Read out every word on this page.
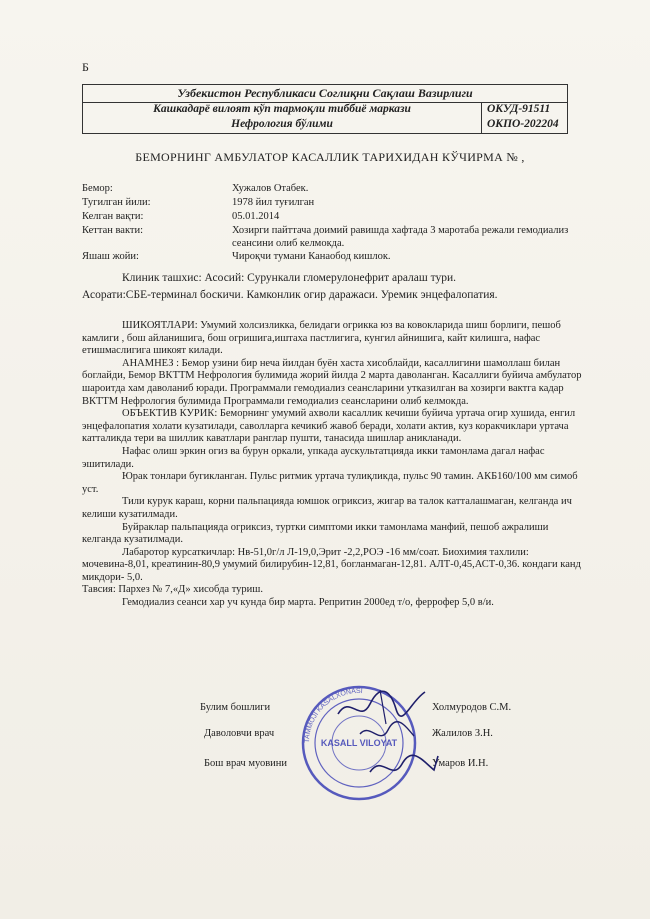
Б
Узбекистон Республикаси Соглиқни Сақлаш Вазирлиги
Кашкадарё вилоят кўп тармоқли тиббиё маркази
Нефрология бўлими
ОКУД-91511
ОКПО-202204
БЕМОРНИНГ АМБУЛАТОР КАСАЛЛИК ТАРИХИДАН КЎЧИРМА № ,
Бемор:	Хужалов Отабек.
Тугилган йили:	1978 йил туғилган
Келган вақти:	05.01.2014
Кеттан вакти:	Хозирги пайттача доимий равишда хафтада 3 маротаба режали гемодиализ сеансини олиб келмокда.
Яшаш жойи:	Чироқчи тумани Канаобод кишлок.
Клиник ташхис: Асосий: Сурункали гломерулонефрит аралаш тури.
Асорати:СБЕ-терминал боскичи. Камконлик огир даражаси. Уремик энцефалопатия.

ШИКОЯТЛАРИ: Умумий холсизликка, белидаги огрикка юз ва ковокларида шиш борлиги, пешоб камлиги , бош айланишига, бош огришига,иштаха пастлигига, кунгил айнишига, кайт килишга, нафас етишмаслигига шикоят килади.

АНАМНЕЗ : Бемор узини бир неча йилдан буён хаста хисоблайди, касаллигини шамоллаш билан боглайди, Бемор ВКТТМ Нефрология булимида жорий йилда 2 марта даволанган. Касаллиги буйича амбулатор шароитда хам даволаниб юради. Программали гемодиализ сеансларини утказилган ва хозирги вактга кадар ВКТТМ Нефрология булимида Программали гемодиализ сеансларини олиб келмокда.

ОБЪЕКТИВ КУРИК: Беморнинг умумий ахволи касаллик кечиши буйича уртача огир хушида, енгил энцефалопатия холати кузатилади, саволларга кечикиб жавоб беради, холати актив, куз коракчиклари уртача катталикда тери ва шиллик каватлари ранглар пушти, танасида шишлар аникланади.

Нафас олиш эркин огиз ва бурун оркали, упкада аускультатцияда икки тамонлама дагал нафас эшитилади.

Юрак тонлари бугикланган. Пульс ритмик уртача тулиқликда, пульс 90 тамин. АКБ160/100 мм симоб уст.

Тили курук караш, корни пальпацияда юмшок огриксиз, жигар ва талок катталашмаган, келганда ич келиши кузатилмади.

Буйраклар пальпацияда огриксиз, туртки симптоми икки тамонлама манфий, пешоб ажралиши келганда кузатилмади.

Лабаротор курсаткичлар: Нв-51,0г/л Л-19,0,Эрит -2,2,РОЭ -16 мм/соат. Биохимия тахлили: мочевина-8,01, креатинин-80,9 умумий билирубин-12,81, богланмаган-12,81. АЛТ-0,45,АСТ-0,36. кондаги канд микдори- 5,0.

Тавсия: Пархез № 7,«Д» хисобда туриш.

Гемодиализ сеанси хар уч кунда бир марта. Репритин 2000ед т/о, феррофер 5,0 в/и.

Булим бошлиги	Холмуродов С.М.
Даволовчи врач	Жалилов З.Н.
Бош врач муовини	Умаров И.Н.
TAMMOJI KASALXONASI
KASALL VILOYAT
